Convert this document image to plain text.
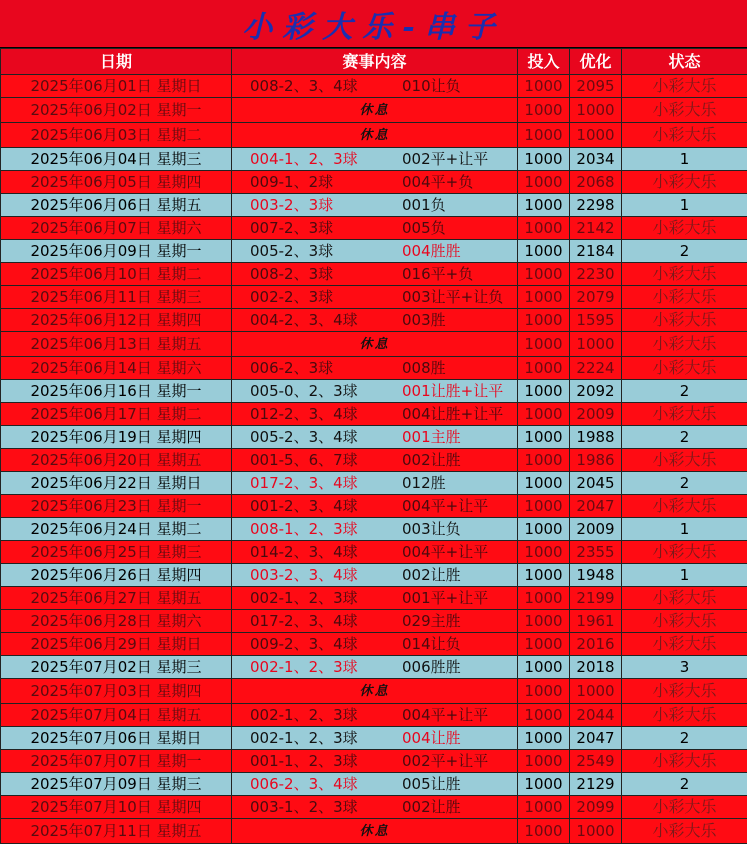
小彩大乐-串子
日期	赛事内容	投入	优化	状态
2025年06月01日 星期日	008-2、3、4球 010让负	1000	2095	小彩大乐
2025年06月02日 星期一	休息	1000	1000	小彩大乐
2025年06月03日 星期二	休息	1000	1000	小彩大乐
2025年06月04日 星期三	004-1、2、3球 002平+让平	1000	2034	1
2025年06月05日 星期四	009-1、2球 004平+负	1000	2068	小彩大乐
2025年06月06日 星期五	003-2、3球 001负	1000	2298	1
2025年06月07日 星期六	007-2、3球 005负	1000	2142	小彩大乐
2025年06月09日 星期一	005-2、3球 004胜胜	1000	2184	2
2025年06月10日 星期二	008-2、3球 016平+负	1000	2230	小彩大乐
2025年06月11日 星期三	002-2、3球 003让平+让负	1000	2079	小彩大乐
2025年06月12日 星期四	004-2、3、4球 003胜	1000	1595	小彩大乐
2025年06月13日 星期五	休息	1000	1000	小彩大乐
2025年06月14日 星期六	006-2、3球 008胜	1000	2224	小彩大乐
2025年06月16日 星期一	005-0、2、3球 001让胜+让平	1000	2092	2
2025年06月17日 星期二	012-2、3、4球 004让胜+让平	1000	2009	小彩大乐
2025年06月19日 星期四	005-2、3、4球 001主胜	1000	1988	2
2025年06月20日 星期五	001-5、6、7球 002让胜	1000	1986	小彩大乐
2025年06月22日 星期日	017-2、3、4球 012胜	1000	2045	2
2025年06月23日 星期一	001-2、3、4球 004平+让平	1000	2047	小彩大乐
2025年06月24日 星期二	008-1、2、3球 003让负	1000	2009	1
2025年06月25日 星期三	014-2、3、4球 004平+让平	1000	2355	小彩大乐
2025年06月26日 星期四	003-2、3、4球 002让胜	1000	1948	1
2025年06月27日 星期五	002-1、2、3球 001平+让平	1000	2199	小彩大乐
2025年06月28日 星期六	017-2、3、4球 029主胜	1000	1961	小彩大乐
2025年06月29日 星期日	009-2、3、4球 014让负	1000	2016	小彩大乐
2025年07月02日 星期三	002-1、2、3球 006胜胜	1000	2018	3
2025年07月03日 星期四	休息	1000	1000	小彩大乐
2025年07月04日 星期五	002-1、2、3球 004平+让平	1000	2044	小彩大乐
2025年07月06日 星期日	002-1、2、3球 004让胜	1000	2047	2
2025年07月07日 星期一	001-1、2、3球 002平+让平	1000	2549	小彩大乐
2025年07月09日 星期三	006-2、3、4球 005让胜	1000	2129	2
2025年07月10日 星期四	003-1、2、3球 002让胜	1000	2099	小彩大乐
2025年07月11日 星期五	休息	1000	1000	小彩大乐
